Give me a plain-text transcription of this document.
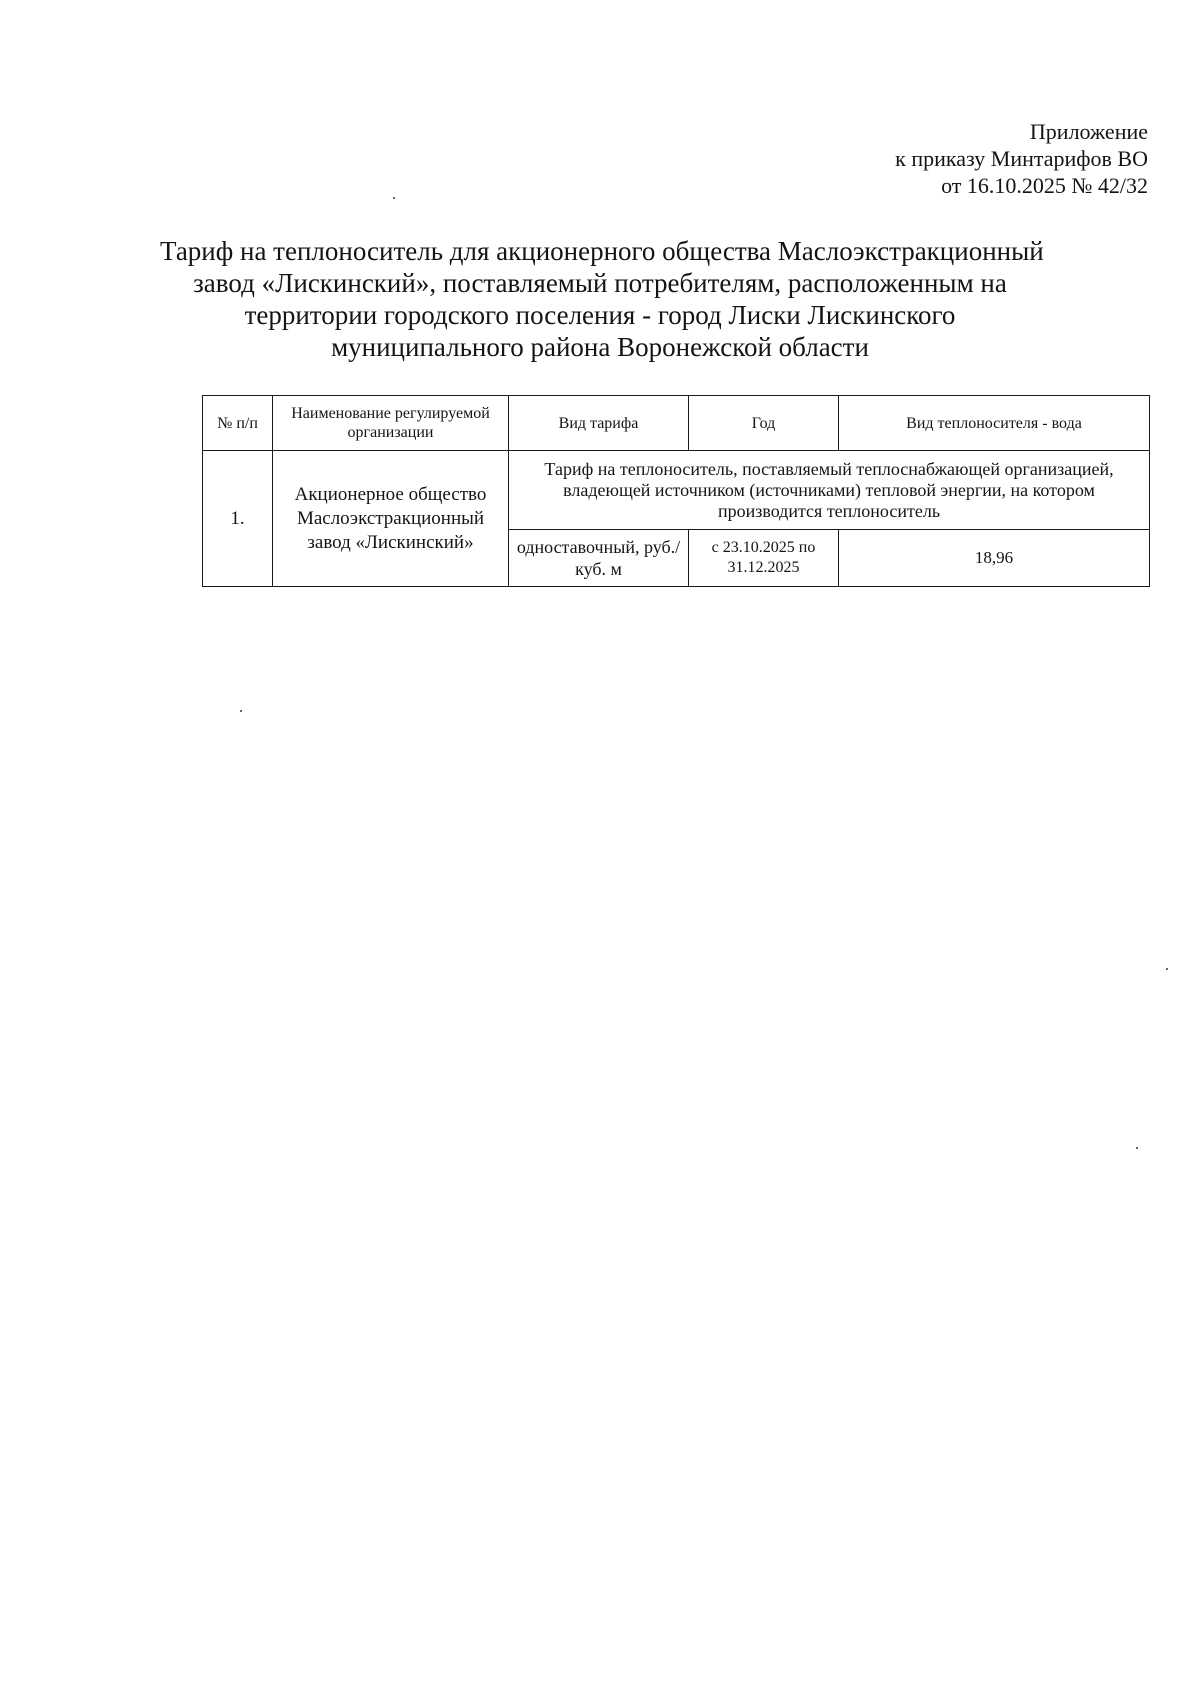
Приложение
к приказу Минтарифов ВО
от 16.10.2025 № 42/32
Тариф на теплоноситель для акционерного общества Маслоэкстракционный
завод «Лискинский», поставляемый потребителям, расположенным на
территории городского поселения - город Лиски Лискинского
муниципального района Воронежской области
№ п/п	Наименование регулируемой организации	Вид тарифа	Год	Вид теплоносителя - вода
1.	Акционерное общество Маслоэкстракционный завод «Лискинский»	Тариф на теплоноситель, поставляемый теплоснабжающей организацией, владеющей источником (источниками) тепловой энергии, на котором производится теплоноситель		
		одноставочный, руб./куб. м	с 23.10.2025 по 31.12.2025	18,96
